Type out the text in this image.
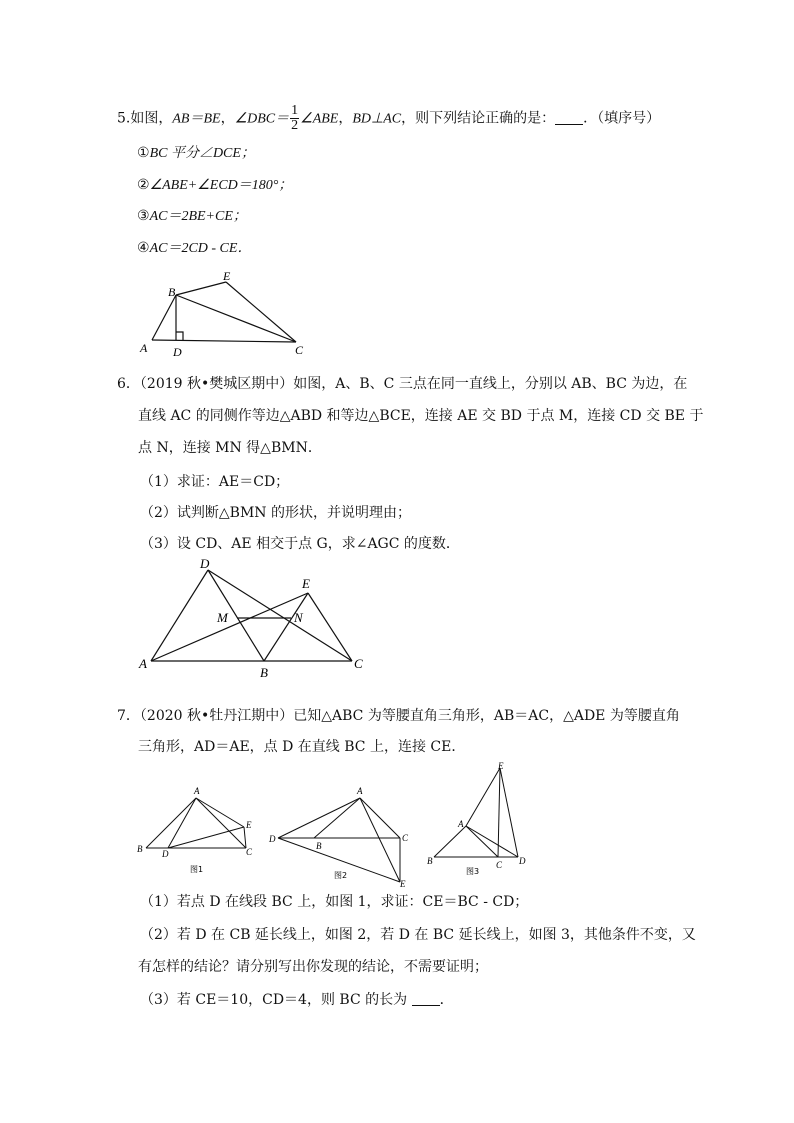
5.如图，AB＝BE，∠DBC＝ $\frac{1}{2}$ ∠ABE，BD⊥AC，则下列结论正确的是： ．（填序号）
①BC 平分∠DCE；
②∠ABE+∠ECD＝180°；
③AC＝2BE+CE；
④AC＝2CD - CE．
A
B
C
D
E
6．（2019 秋•樊城区期中）如图，A、B、C 三点在同一直线上，分别以 AB、BC 为边，在
直线 AC 的同侧作等边△ABD 和等边△BCE，连接 AE 交 BD 于点 M，连接 CD 交 BE 于
点 N，连接 MN 得△BMN．
（1）求证：AE＝CD；
（2）试判断△BMN 的形状，并说明理由；
（3）设 CD、AE 相交于点 G，求∠AGC 的度数．
A
B
C
D
E
M	N
7．（2020 秋•牡丹江期中）已知△ABC 为等腰直角三角形，AB＝AC，△ADE 为等腰直角
三角形，AD＝AE，点 D 在直线 BC 上，连接 CE．
A
B	C
D
E
图1
A
B
C
D
E
图2
A
B	C D
E
图3
（1）若点 D 在线段 BC 上，如图 1，求证：CE＝BC - CD；
（2）若 D 在 CB 延长线上，如图 2，若 D 在 BC 延长线上，如图 3，其他条件不变，又
有怎样的结论？请分别写出你发现的结论，不需要证明；
（3）若 CE＝10，CD＝4，则 BC 的长为 ．
